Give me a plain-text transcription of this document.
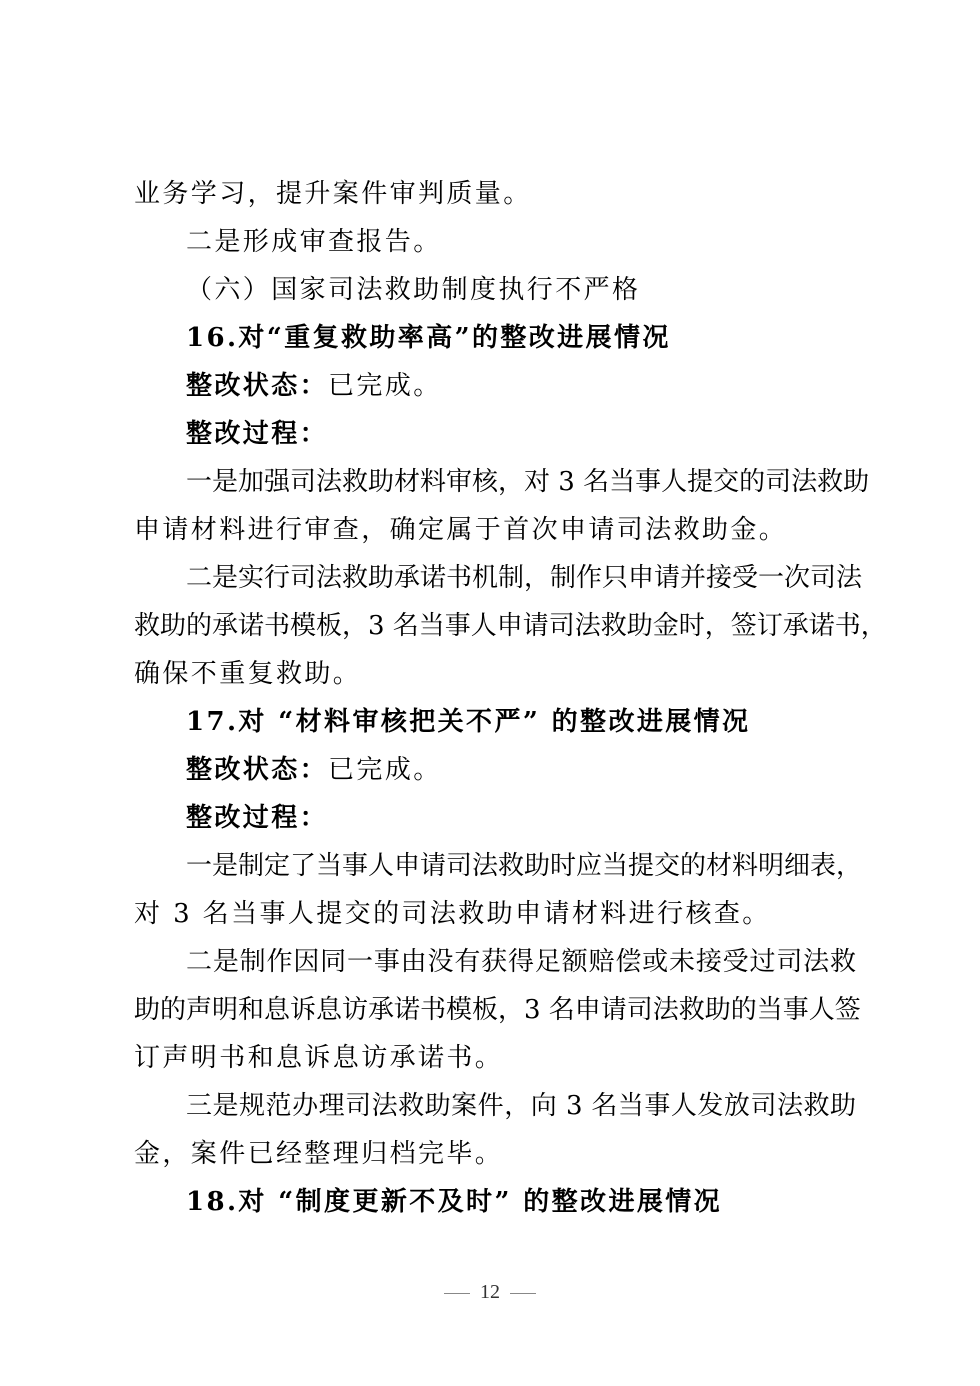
业务学习，提升案件审判质量。
二是形成审查报告。
（六）国家司法救助制度执行不严格
16.对“重复救助率高”的整改进展情况
整改状态：已完成。
整改过程：
一是加强司法救助材料审核，对 3 名当事人提交的司法救助
申请材料进行审查，确定属于首次申请司法救助金。
二是实行司法救助承诺书机制，制作只申请并接受一次司法
救助的承诺书模板，3 名当事人申请司法救助金时，签订承诺书，
确保不重复救助。
17.对 “材料审核把关不严” 的整改进展情况
整改状态：已完成。
整改过程：
一是制定了当事人申请司法救助时应当提交的材料明细表，
对 3 名当事人提交的司法救助申请材料进行核查。
二是制作因同一事由没有获得足额赔偿或未接受过司法救
助的声明和息诉息访承诺书模板，3 名申请司法救助的当事人签
订声明书和息诉息访承诺书。
三是规范办理司法救助案件，向 3 名当事人发放司法救助
金，案件已经整理归档完毕。
18.对 “制度更新不及时” 的整改进展情况
12
